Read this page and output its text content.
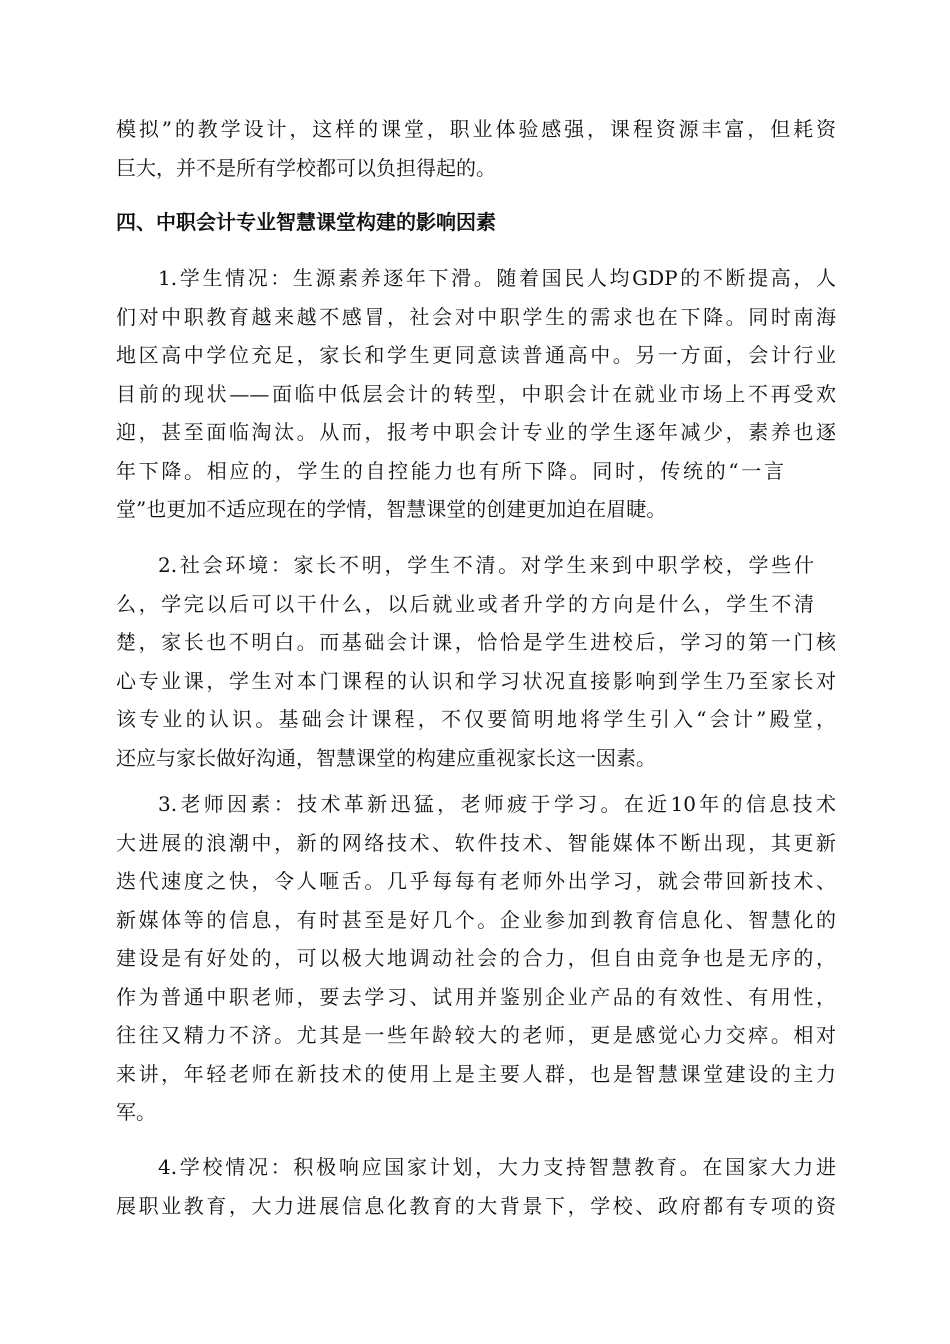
模拟”的教学设计，这样的课堂，职业体验感强，课程资源丰富，但耗资
巨大，并不是所有学校都可以负担得起的。
四、中职会计专业智慧课堂构建的影响因素
1.学生情况：生源素养逐年下滑。随着国民人均GDP的不断提高，人
们对中职教育越来越不感冒，社会对中职学生的需求也在下降。同时南海
地区高中学位充足，家长和学生更同意读普通高中。另一方面，会计行业
目前的现状——面临中低层会计的转型，中职会计在就业市场上不再受欢
迎，甚至面临淘汰。从而，报考中职会计专业的学生逐年减少，素养也逐
年下降。相应的，学生的自控能力也有所下降。同时，传统的“一言
堂”也更加不适应现在的学情，智慧课堂的创建更加迫在眉睫。
2.社会环境：家长不明，学生不清。对学生来到中职学校，学些什
么，学完以后可以干什么，以后就业或者升学的方向是什么，学生不清
楚，家长也不明白。而基础会计课，恰恰是学生进校后，学习的第一门核
心专业课，学生对本门课程的认识和学习状况直接影响到学生乃至家长对
该专业的认识。基础会计课程，不仅要简明地将学生引入“会计”殿堂，
还应与家长做好沟通，智慧课堂的构建应重视家长这一因素。
3.老师因素：技术革新迅猛，老师疲于学习。在近10年的信息技术
大进展的浪潮中，新的网络技术、软件技术、智能媒体不断出现，其更新
迭代速度之快，令人咂舌。几乎每每有老师外出学习，就会带回新技术、
新媒体等的信息，有时甚至是好几个。企业参加到教育信息化、智慧化的
建设是有好处的，可以极大地调动社会的合力，但自由竞争也是无序的，
作为普通中职老师，要去学习、试用并鉴别企业产品的有效性、有用性，
往往又精力不济。尤其是一些年龄较大的老师，更是感觉心力交瘁。相对
来讲，年轻老师在新技术的使用上是主要人群，也是智慧课堂建设的主力
军。
4.学校情况：积极响应国家计划，大力支持智慧教育。在国家大力进
展职业教育，大力进展信息化教育的大背景下，学校、政府都有专项的资
